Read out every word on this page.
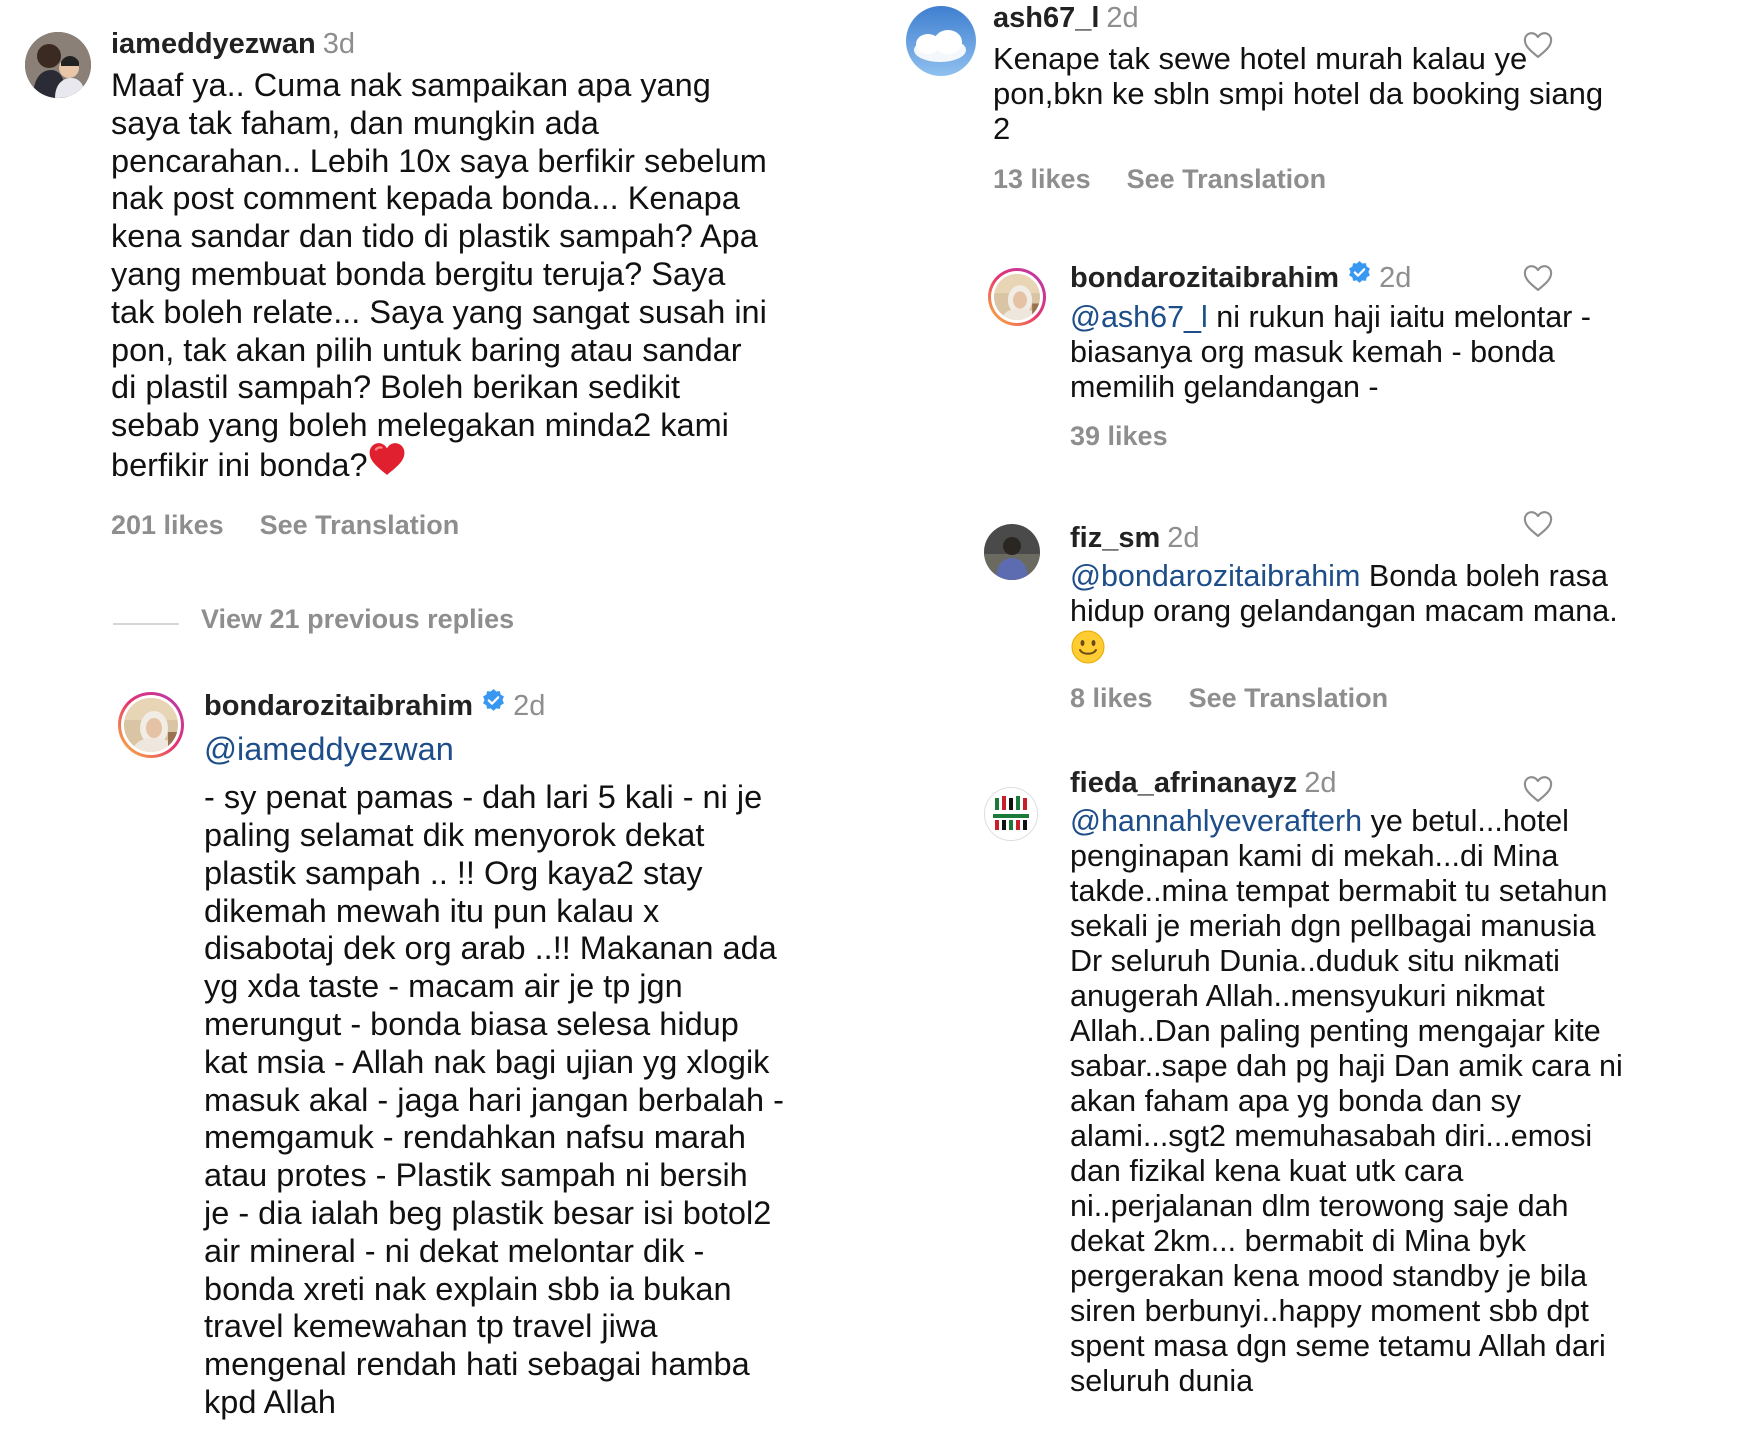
iameddyezwan 3d

Maaf ya.. Cuma nak sampaikan apa yang

saya tak faham, dan mungkin ada

pencarahan.. Lebih 10x saya berfikir sebelum

nak post comment kepada bonda... Kenapa

kena sandar dan tido di plastik sampah? Apa

yang membuat bonda bergitu teruja? Saya

tak boleh relate... Saya yang sangat susah ini

pon, tak akan pilih untuk baring atau sandar

di plastil sampah? Boleh berikan sedikit

sebab yang boleh melegakan minda2 kami

berfikir ini bonda?

201 likes See Translation
View 21 previous replies
bondarozitaibrahim 2d

@iameddyezwan

- sy penat pamas - dah lari 5 kali - ni je

paling selamat dik menyorok dekat

plastik sampah .. !! Org kaya2 stay

dikemah mewah itu pun kalau x

disabotaj dek org arab ..!! Makanan ada

yg xda taste - macam air je tp jgn

merungut - bonda biasa selesa hidup

kat msia - Allah nak bagi ujian yg xlogik

masuk akal - jaga hari jangan berbalah -

memgamuk - rendahkan nafsu marah

atau protes - Plastik sampah ni bersih

je - dia ialah beg plastik besar isi botol2

air mineral - ni dekat melontar dik -

bonda xreti nak explain sbb ia bukan

travel kemewahan tp travel jiwa

mengenal rendah hati sebagai hamba

kpd Allah

ash67_l 2d

Kenape tak sewe hotel murah kalau ye

pon,bkn ke sbln smpi hotel da booking siang

2

13 likes See Translation
bondarozitaibrahim 2d

@ash67_l ni rukun haji iaitu melontar -

biasanya org masuk kemah - bonda

memilih gelandangan -

39 likes
fiz_sm 2d

@bondarozitaibrahim Bonda boleh rasa

hidup orang gelandangan macam mana.

8 likes See Translation
fieda_afrinanayz 2d

@hannahlyeverafterh ye betul...hotel

penginapan kami di mekah...di Mina

takde..mina tempat bermabit tu setahun

sekali je meriah dgn pellbagai manusia

Dr seluruh Dunia..duduk situ nikmati

anugerah Allah..mensyukuri nikmat

Allah..Dan paling penting mengajar kite

sabar..sape dah pg haji Dan amik cara ni

akan faham apa yg bonda dan sy

alami...sgt2 memuhasabah diri...emosi

dan fizikal kena kuat utk cara

ni..perjalanan dlm terowong saje dah

dekat 2km... bermabit di Mina byk

pergerakan kena mood standby je bila

siren berbunyi..happy moment sbb dpt

spent masa dgn seme tetamu Allah dari

seluruh dunia
